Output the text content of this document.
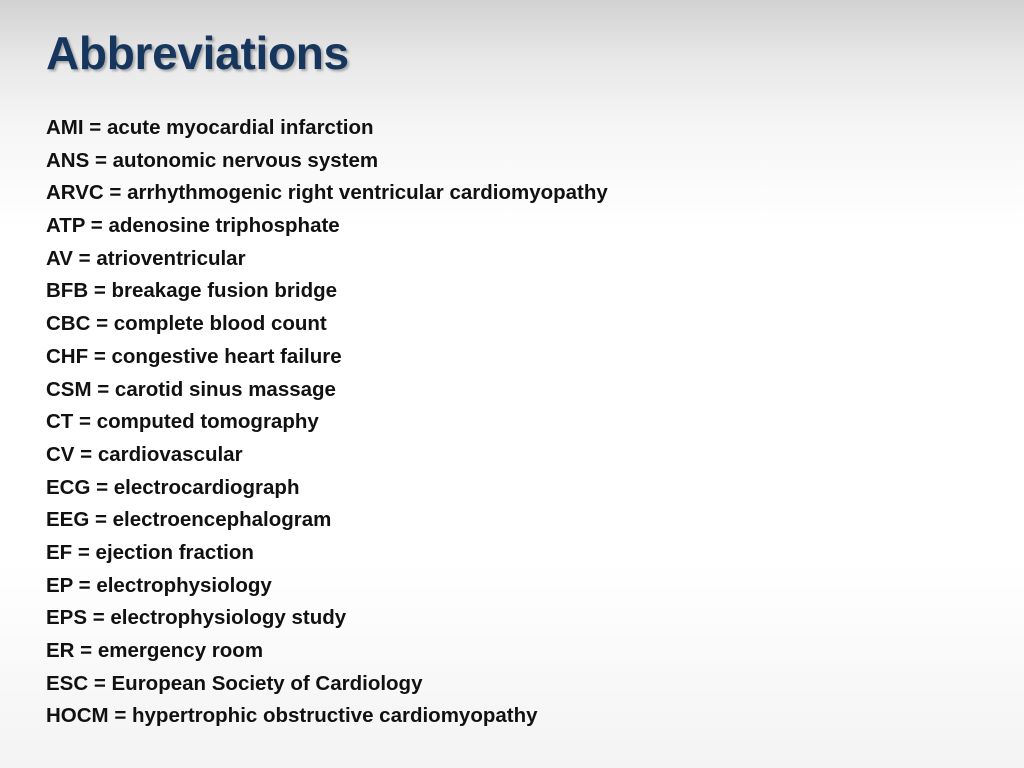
Abbreviations
AMI = acute myocardial infarction
ANS = autonomic nervous system
ARVC = arrhythmogenic right ventricular cardiomyopathy
ATP = adenosine triphosphate
AV = atrioventricular
BFB = breakage fusion bridge
CBC = complete blood count
CHF = congestive heart failure
CSM = carotid sinus massage
CT = computed tomography
CV = cardiovascular
ECG = electrocardiograph
EEG = electroencephalogram
EF = ejection fraction
EP = electrophysiology
EPS = electrophysiology study
ER = emergency room
ESC = European Society of Cardiology
HOCM = hypertrophic obstructive cardiomyopathy
